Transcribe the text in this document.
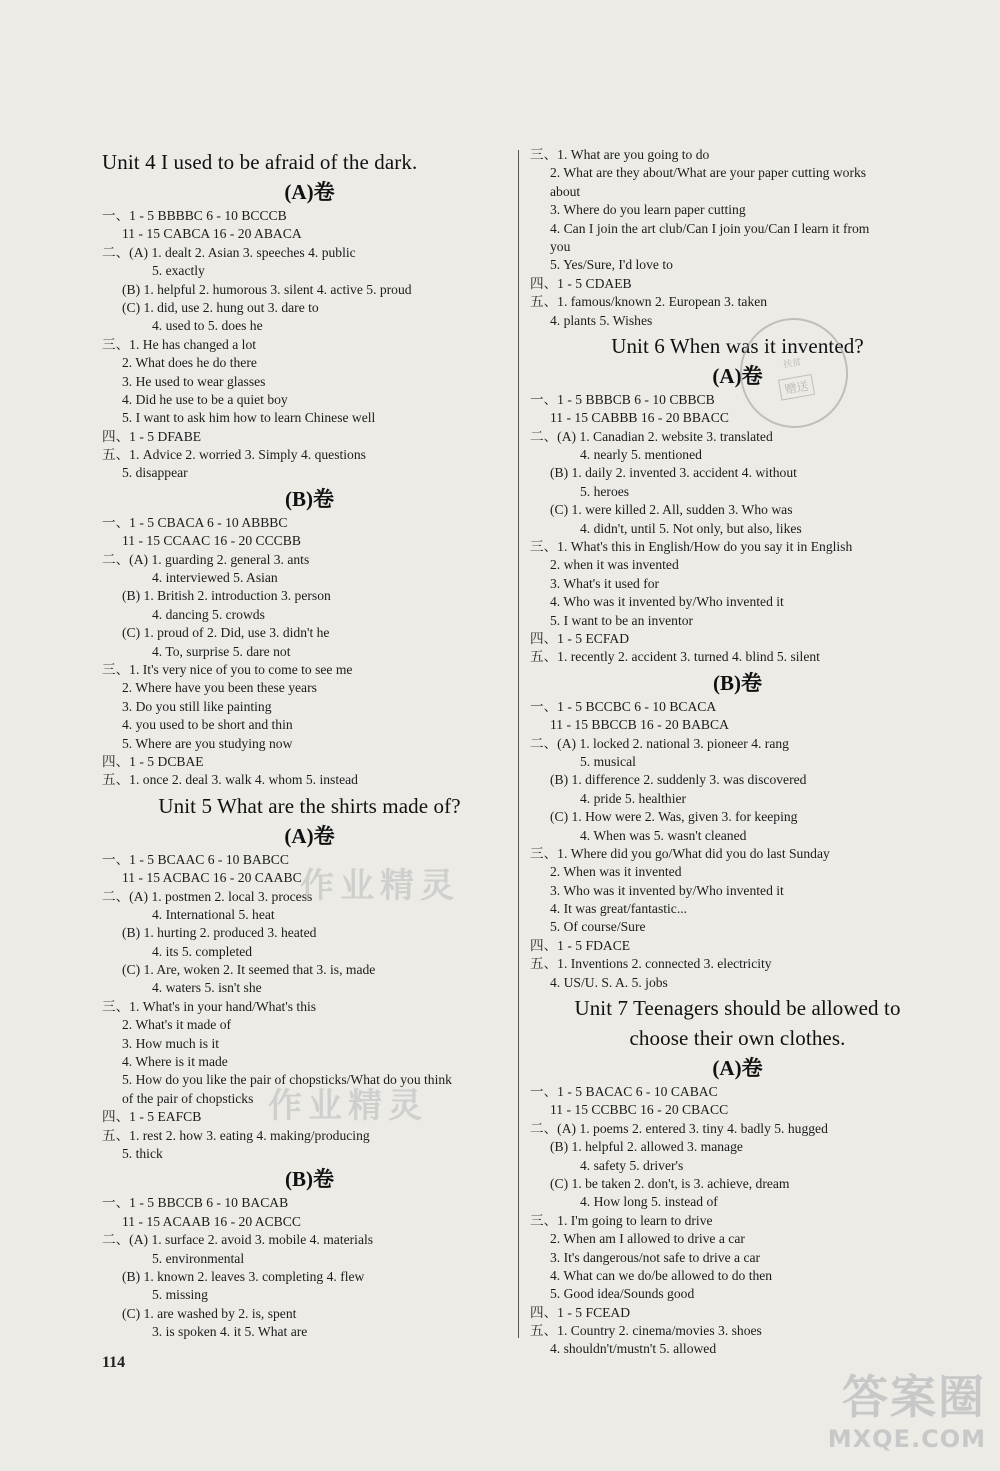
Unit 4 I used to be afraid of the dark.
(A)卷
一、1 - 5 BBBBC 6 - 10 BCCCB
11 - 15 CABCA 16 - 20 ABACA
二、(A) 1. dealt 2. Asian 3. speeches 4. public
5. exactly
(B) 1. helpful 2. humorous 3. silent 4. active 5. proud
(C) 1. did, use 2. hung out 3. dare to
4. used to 5. does he
三、1. He has changed a lot
2. What does he do there
3. He used to wear glasses
4. Did he use to be a quiet boy
5. I want to ask him how to learn Chinese well
四、1 - 5 DFABE
五、1. Advice 2. worried 3. Simply 4. questions
5. disappear
(B)卷
一、1 - 5 CBACA 6 - 10 ABBBC
11 - 15 CCAAC 16 - 20 CCCBB
二、(A) 1. guarding 2. general 3. ants
4. interviewed 5. Asian
(B) 1. British 2. introduction 3. person
4. dancing 5. crowds
(C) 1. proud of 2. Did, use 3. didn't he
4. To, surprise 5. dare not
三、1. It's very nice of you to come to see me
2. Where have you been these years
3. Do you still like painting
4. you used to be short and thin
5. Where are you studying now
四、1 - 5 DCBAE
五、1. once 2. deal 3. walk 4. whom 5. instead
Unit 5 What are the shirts made of?
(A)卷
一、1 - 5 BCAAC 6 - 10 BABCC
11 - 15 ACBAC 16 - 20 CAABC
二、(A) 1. postmen 2. local 3. process
4. International 5. heat
(B) 1. hurting 2. produced 3. heated
4. its 5. completed
(C) 1. Are, woken 2. It seemed that 3. is, made
4. waters 5. isn't she
三、1. What's in your hand/What's this
2. What's it made of
3. How much is it
4. Where is it made
5. How do you like the pair of chopsticks/What do you think
of the pair of chopsticks
四、1 - 5 EAFCB
五、1. rest 2. how 3. eating 4. making/producing
5. thick
(B)卷
一、1 - 5 BBCCB 6 - 10 BACAB
11 - 15 ACAAB 16 - 20 ACBCC
二、(A) 1. surface 2. avoid 3. mobile 4. materials
5. environmental
(B) 1. known 2. leaves 3. completing 4. flew
5. missing
(C) 1. are washed by 2. is, spent
3. is spoken 4. it 5. What are
三、1. What are you going to do
2. What are they about/What are your paper cutting works
about
3. Where do you learn paper cutting
4. Can I join the art club/Can I join you/Can I learn it from
you
5. Yes/Sure, I'd love to
四、1 - 5 CDAEB
五、1. famous/known 2. European 3. taken
4. plants 5. Wishes
Unit 6 When was it invented?
(A)卷
一、1 - 5 BBBCB 6 - 10 CBBCB
11 - 15 CABBB 16 - 20 BBACC
二、(A) 1. Canadian 2. website 3. translated
4. nearly 5. mentioned
(B) 1. daily 2. invented 3. accident 4. without
5. heroes
(C) 1. were killed 2. All, sudden 3. Who was
4. didn't, until 5. Not only, but also, likes
三、1. What's this in English/How do you say it in English
2. when it was invented
3. What's it used for
4. Who was it invented by/Who invented it
5. I want to be an inventor
四、1 - 5 ECFAD
五、1. recently 2. accident 3. turned 4. blind 5. silent
(B)卷
一、1 - 5 BCCBC 6 - 10 BCACA
11 - 15 BBCCB 16 - 20 BABCA
二、(A) 1. locked 2. national 3. pioneer 4. rang
5. musical
(B) 1. difference 2. suddenly 3. was discovered
4. pride 5. healthier
(C) 1. How were 2. Was, given 3. for keeping
4. When was 5. wasn't cleaned
三、1. Where did you go/What did you do last Sunday
2. When was it invented
3. Who was it invented by/Who invented it
4. It was great/fantastic...
5. Of course/Sure
四、1 - 5 FDACE
五、1. Inventions 2. connected 3. electricity
4. US/U. S. A. 5. jobs
Unit 7 Teenagers should be allowed to
choose their own clothes.
(A)卷
一、1 - 5 BACAC 6 - 10 CABAC
11 - 15 CCBBC 16 - 20 CBACC
二、(A) 1. poems 2. entered 3. tiny 4. badly 5. hugged
(B) 1. helpful 2. allowed 3. manage
4. safety 5. driver's
(C) 1. be taken 2. don't, is 3. achieve, dream
4. How long 5. instead of
三、1. I'm going to learn to drive
2. When am I allowed to drive a car
3. It's dangerous/not safe to drive a car
4. What can we do/be allowed to do then
5. Good idea/Sounds good
四、1 - 5 FCEAD
五、1. Country 2. cinema/movies 3. shoes
4. shouldn't/mustn't 5. allowed
114
扶贫
赠送
作业精灵
作业精灵
答案圈
MXQE.COM
